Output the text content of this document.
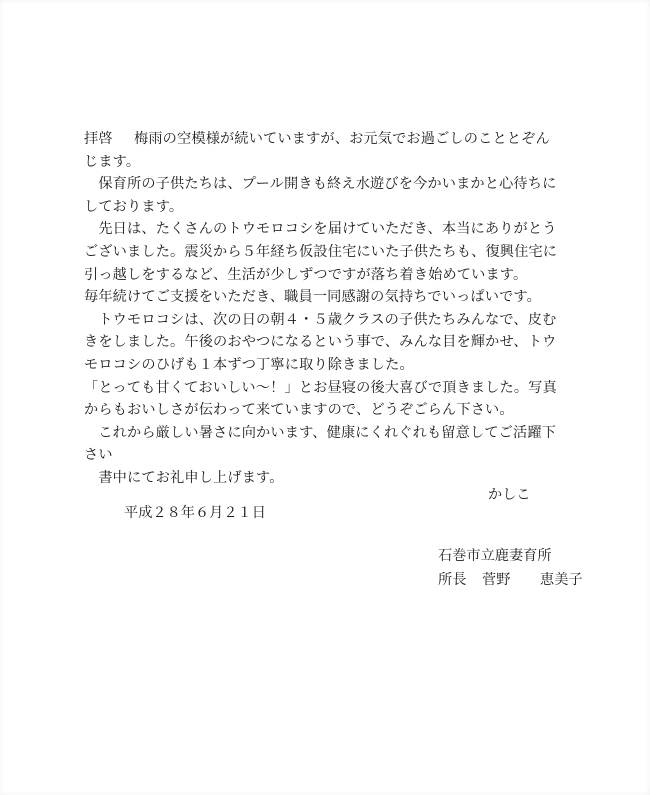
拝啓 梅雨の空模様が続いていますが、お元気でお過ごしのこととぞん
じます。
　保育所の子供たちは、プール開きも終え水遊びを今かいまかと心待ちに
しております。
　先日は、たくさんのトウモロコシを届けていただき、本当にありがとう
ございました。震災から５年経ち仮設住宅にいた子供たちも、復興住宅に
引っ越しをするなど、生活が少しずつですが落ち着き始めています。
毎年続けてご支援をいただき、職員一同感謝の気持ちでいっぱいです。
　トウモロコシは、次の日の朝４・５歳クラスの子供たちみんなで、皮む
きをしました。午後のおやつになるという事で、みんな目を輝かせ、トウ
モロコシのひげも１本ずつ丁寧に取り除きました。
「とっても甘くておいしい～！」とお昼寝の後大喜びで頂きました。写真
からもおいしさが伝わって来ていますので、どうぞごらん下さい。
　これから厳しい暑さに向かいます、健康にくれぐれも留意してご活躍下
さい
　書中にてお礼申し上げます。
かしこ
平成２８年６月２１日
石巻市立鹿妻育所
所長 菅野 恵美子
